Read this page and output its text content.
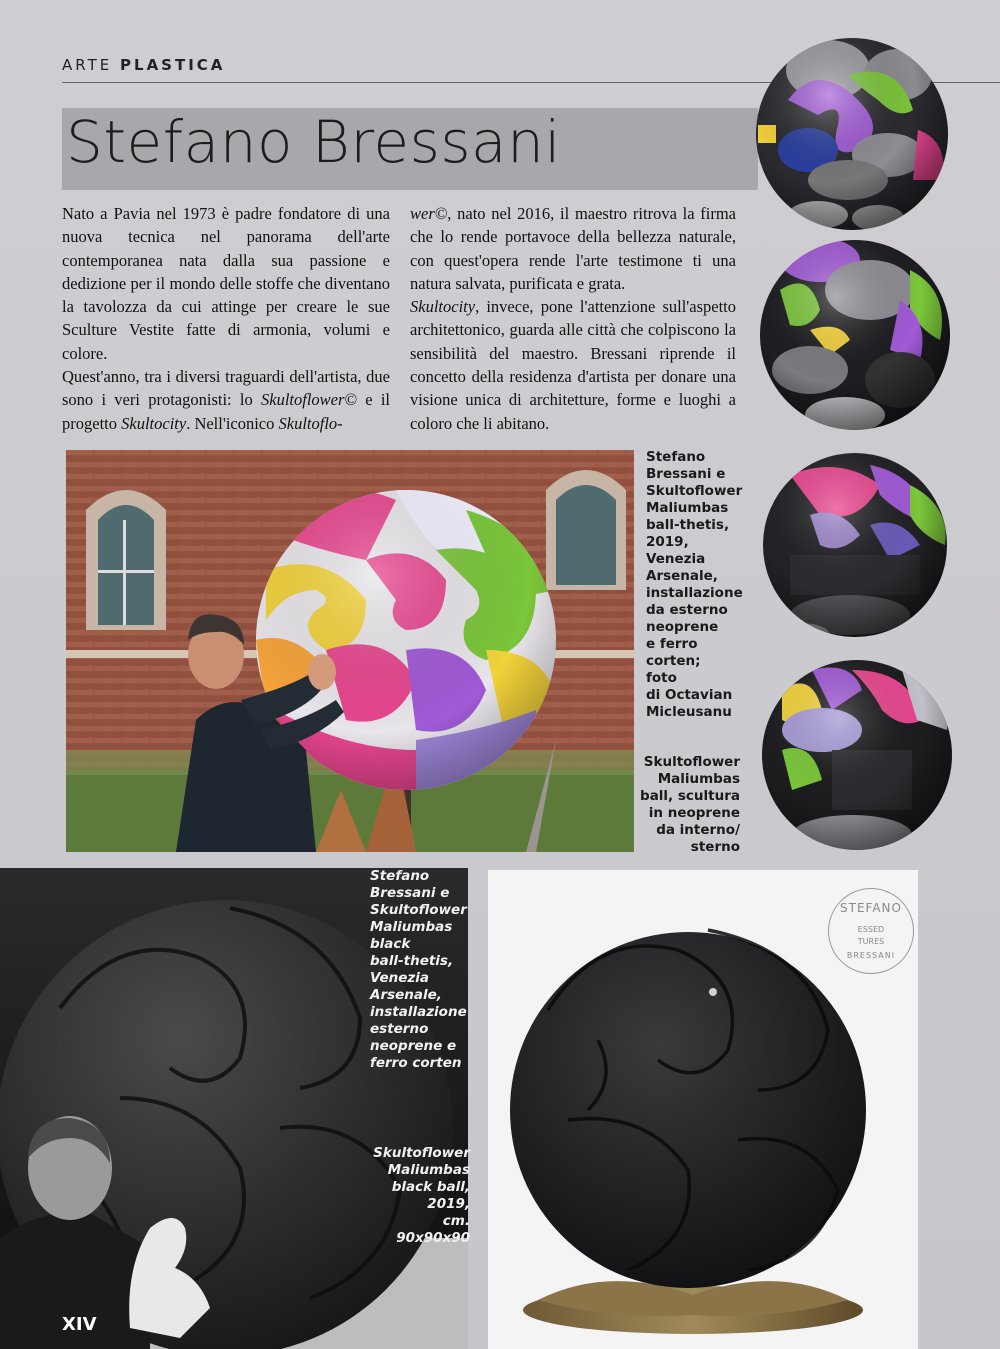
ARTE PLASTICA
Stefano Bressani

Nato a Pavia nel 1973 è padre fondatore di una nuova tecnica nel panorama dell'arte contemporanea nata dalla sua passione e dedizione per il mondo delle stoffe che diventano la tavolozza da cui attinge per creare le sue Sculture Vestite fatte di armonia, volumi e colore.

Quest'anno, tra i diversi traguardi dell'artista, due sono i veri protagonisti: lo Skultoflower© e il progetto Skultocity. Nell'iconico Skultoflo-

wer©, nato nel 2016, il maestro ritrova la firma che lo rende portavoce della bellezza naturale, con quest'opera rende l'arte testimone ti una natura salvata, purificata e grata.

Skultocity, invece, pone l'attenzione sull'aspetto architettonico, guarda alle città che colpiscono la sensibilità del maestro. Bressani riprende il concetto della residenza d'artista per donare una visione unica di architetture, forme e luoghi a coloro che li abitano.

Stefano
Bressani e
Skultoflower
Maliumbas
ball-thetis,
2019,
Venezia
Arsenale,
installazione
da esterno
neoprene
e ferro
corten;
foto
di Octavian
Micleusanu
Skultoflower
Maliumbas
ball, scultura
in neoprene
da interno/
sterno
Stefano
Bressani e
Skultoflower
Maliumbas
black
ball-thetis,
Venezia
Arsenale,
installazione
esterno
neoprene e
ferro corten
Skultoflower
Maliumbas
black ball,
2019,
cm. 90x90x90
XIV
STEFANO
ESSED
TURES
BRESSANI
